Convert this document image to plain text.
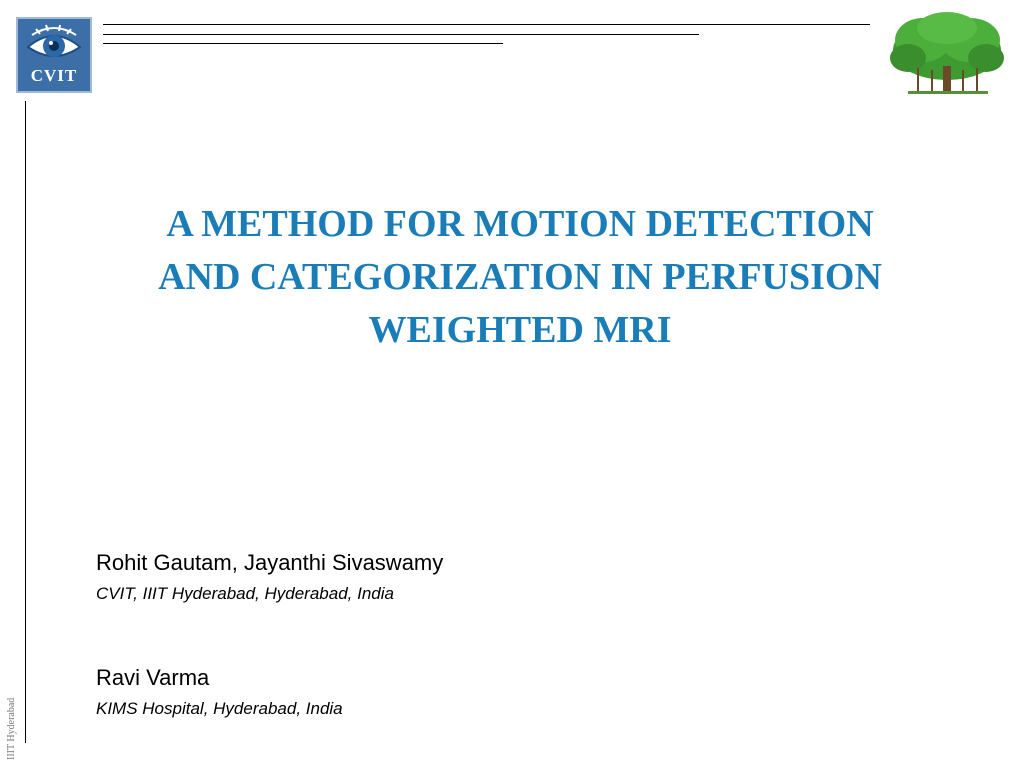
CVIT
IIIT Hyderabad
A METHOD FOR MOTION DETECTION
AND CATEGORIZATION IN PERFUSION
WEIGHTED MRI
Rohit Gautam, Jayanthi Sivaswamy
CVIT, IIIT Hyderabad, Hyderabad, India
Ravi Varma
KIMS Hospital, Hyderabad, India
